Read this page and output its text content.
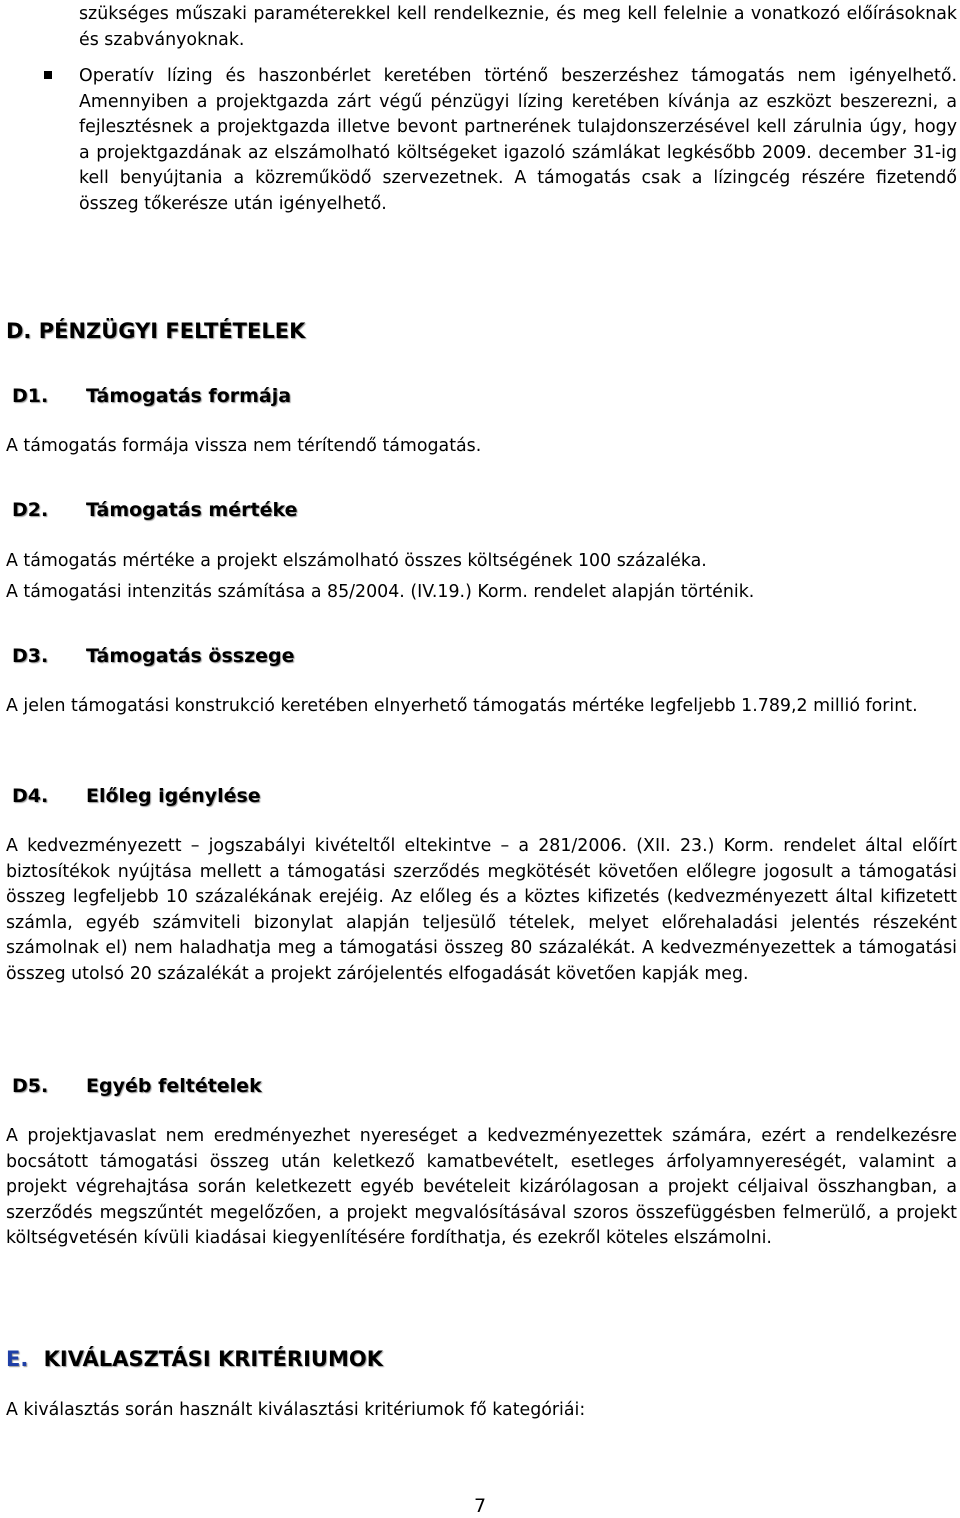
szükséges műszaki paraméterekkel kell rendelkeznie, és meg kell felelnie a vonatkozó előírásoknak és szabványoknak.

Operatív lízing és haszonbérlet keretében történő beszerzéshez támogatás nem igényelhető. Amennyiben a projektgazda zárt végű pénzügyi lízing keretében kívánja az eszközt beszerezni, a fejlesztésnek a projektgazda illetve bevont partnerének tulajdonszerzésével kell zárulnia úgy, hogy a projektgazdának az elszámolható költségeket igazoló számlákat legkésőbb 2009. december 31-ig kell benyújtania a közreműködő szervezetnek. A támogatás csak a lízingcég részére fizetendő összeg tőkerésze után igényelhető.

D. PÉNZÜGYI FELTÉTELEK
D1. Támogatás formája

A támogatás formája vissza nem térítendő támogatás.

D2. Támogatás mértéke

A támogatás mértéke a projekt elszámolható összes költségének 100 százaléka.

A támogatási intenzitás számítása a 85/2004. (IV.19.) Korm. rendelet alapján történik.

D3. Támogatás összege

A jelen támogatási konstrukció keretében elnyerhető támogatás mértéke legfeljebb 1.789,2 millió forint.

D4. Előleg igénylése

A kedvezményezett – jogszabályi kivételtől eltekintve – a 281/2006. (XII. 23.) Korm. rendelet által előírt biztosítékok nyújtása mellett a támogatási szerződés megkötését követően előlegre jogosult a támogatási összeg legfeljebb 10 százalékának erejéig. Az előleg és a köztes kifizetés (kedvezményezett által kifizetett számla, egyéb számviteli bizonylat alapján teljesülő tételek, melyet előrehaladási jelentés részeként számolnak el) nem haladhatja meg a támogatási összeg 80 százalékát. A kedvezményezettek a támogatási összeg utolsó 20 százalékát a projekt zárójelentés elfogadását követően kapják meg.

D5. Egyéb feltételek

A projektjavaslat nem eredményezhet nyereséget a kedvezményezettek számára, ezért a rendelkezésre bocsátott támogatási összeg után keletkező kamatbevételt, esetleges árfolyamnyereségét, valamint a projekt végrehajtása során keletkezett egyéb bevételeit kizárólagosan a projekt céljaival összhangban, a szerződés megszűntét megelőzően, a projekt megvalósításával szoros összefüggésben felmerülő, a projekt költségvetésén kívüli kiadásai kiegyenlítésére fordíthatja, és ezekről köteles elszámolni.

E. KIVÁLASZTÁSI KRITÉRIUMOK

A kiválasztás során használt kiválasztási kritériumok fő kategóriái:

7
